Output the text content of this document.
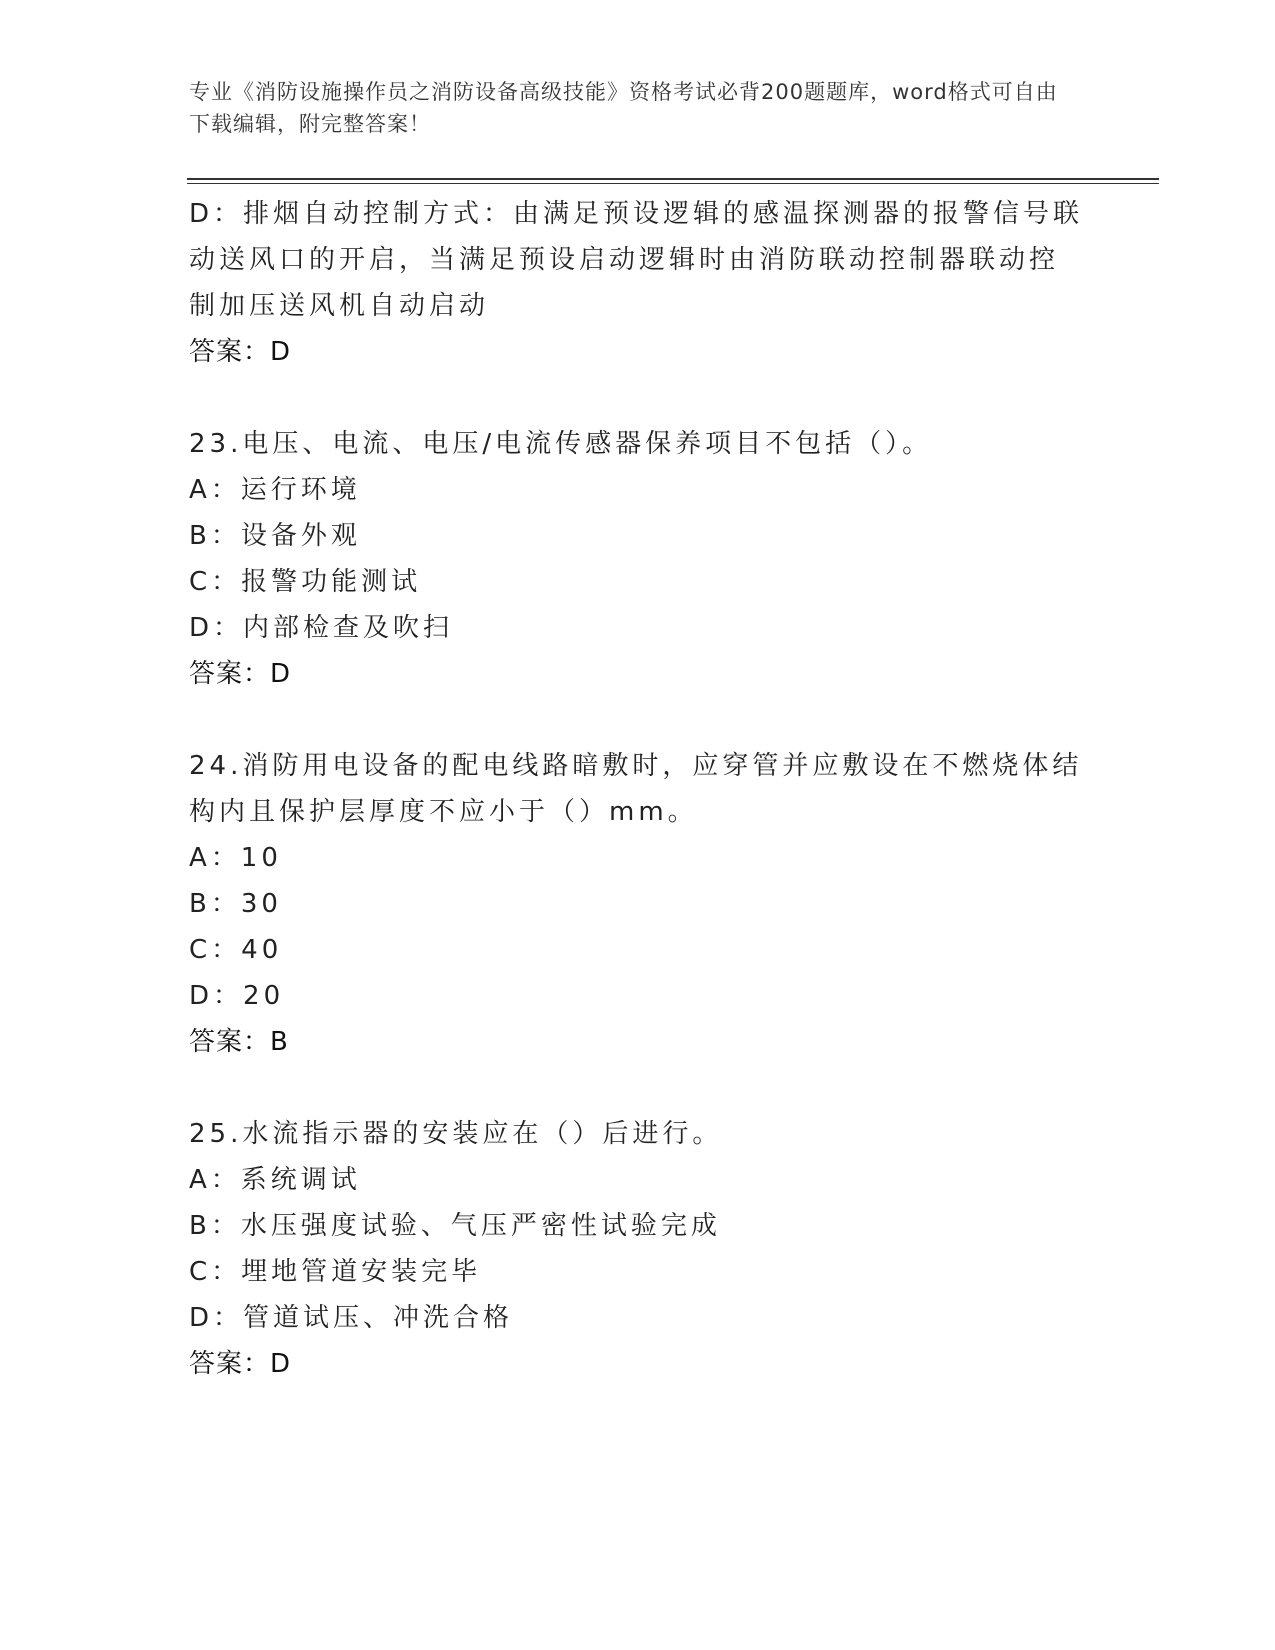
专业《消防设施操作员之消防设备高级技能》资格考试必背200题题库，word格式可自由下载编辑，附完整答案！
D：排烟自动控制方式：由满足预设逻辑的感温探测器的报警信号联动送风口的开启，当满足预设启动逻辑时由消防联动控制器联动控制加压送风机自动启动
答案：D
23.电压、电流、电压/电流传感器保养项目不包括（）。
A：运行环境
B：设备外观
C：报警功能测试
D：内部检查及吹扫
答案：D
24.消防用电设备的配电线路暗敷时，应穿管并应敷设在不燃烧体结构内且保护层厚度不应小于（）mm。
A：10
B：30
C：40
D：20
答案：B
25.水流指示器的安装应在（）后进行。
A：系统调试
B：水压强度试验、气压严密性试验完成
C：埋地管道安装完毕
D：管道试压、冲洗合格
答案：D
